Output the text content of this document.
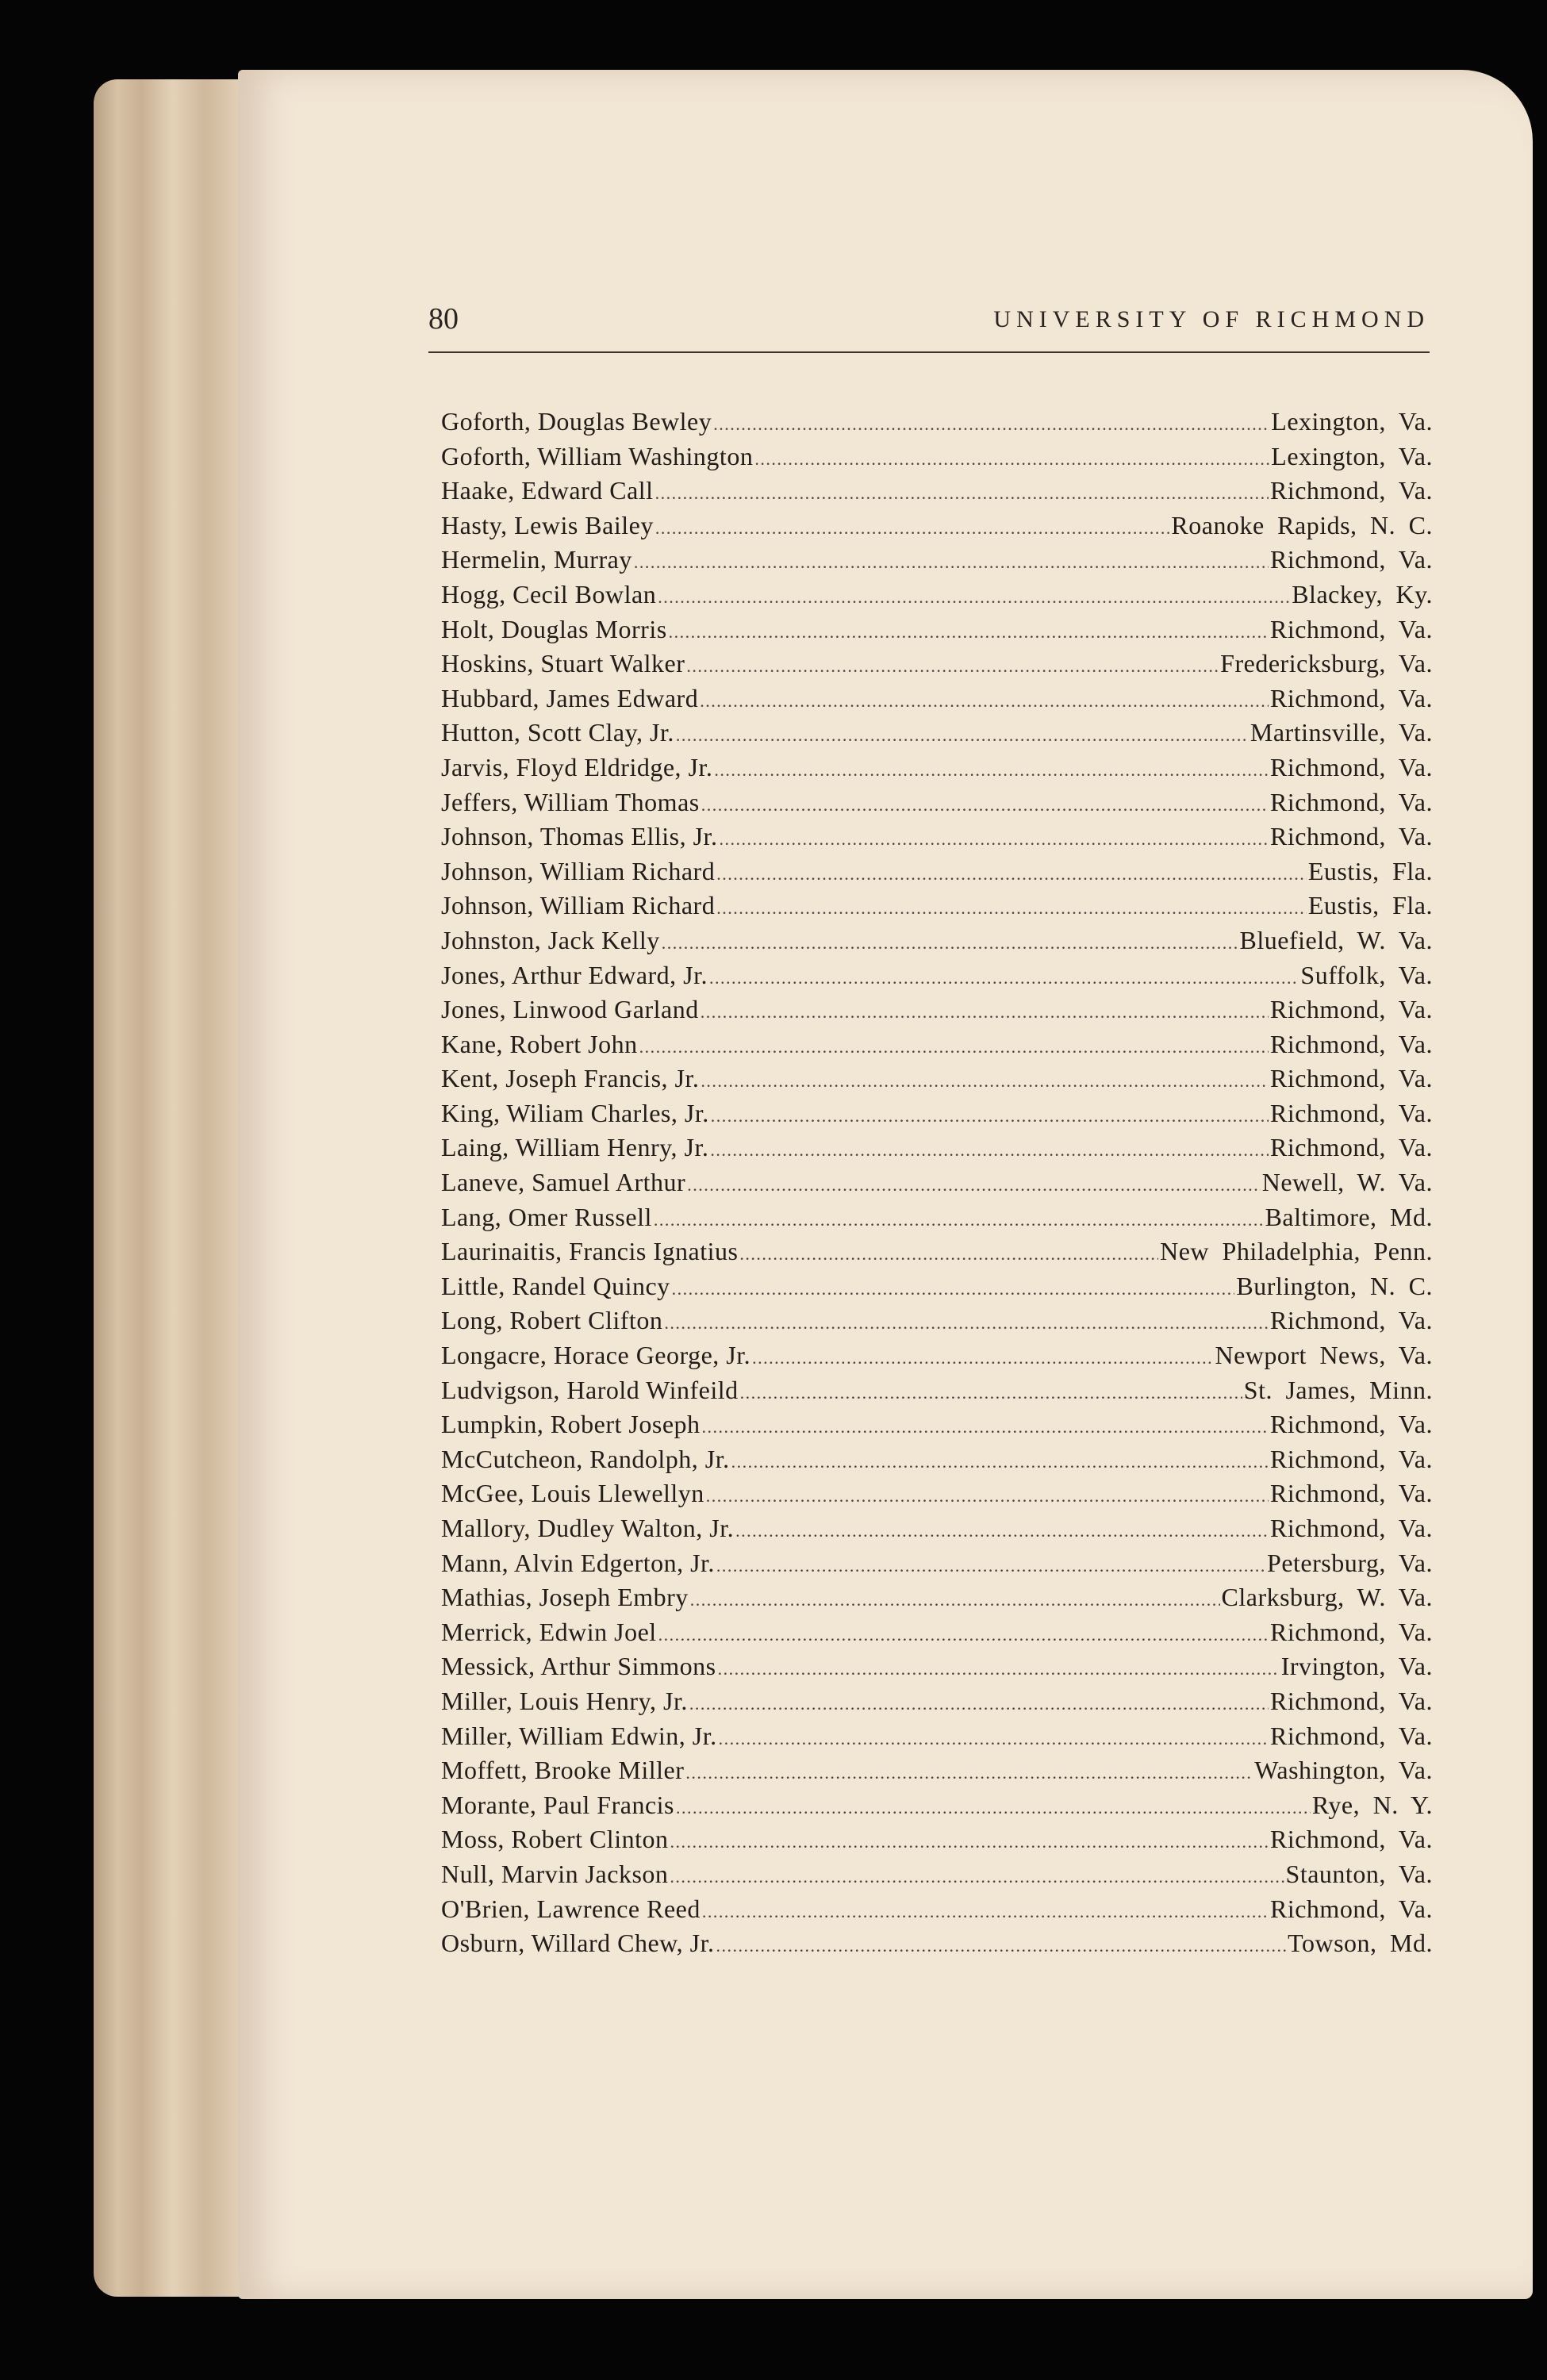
80	UNIVERSITY OF RICHMOND
Goforth, Douglas Bewley .....	Lexington, Va.
Goforth, William Washington .....	Lexington, Va.
Haake, Edward Call .....	Richmond, Va.
Hasty, Lewis Bailey .....	Roanoke Rapids, N. C.
Hermelin, Murray .....	Richmond, Va.
Hogg, Cecil Bowlan .....	Blackey, Ky.
Holt, Douglas Morris .....	Richmond, Va.
Hoskins, Stuart Walker .....	Fredericksburg, Va.
Hubbard, James Edward .....	Richmond, Va.
Hutton, Scott Clay, Jr. .....	Martinsville, Va.
Jarvis, Floyd Eldridge, Jr. .....	Richmond, Va.
Jeffers, William Thomas .....	Richmond, Va.
Johnson, Thomas Ellis, Jr. .....	Richmond, Va.
Johnson, William Richard .....	Eustis, Fla.
Johnson, William Richard .....	Eustis, Fla.
Johnston, Jack Kelly .....	Bluefield, W. Va.
Jones, Arthur Edward, Jr. .....	Suffolk, Va.
Jones, Linwood Garland .....	Richmond, Va.
Kane, Robert John .....	Richmond, Va.
Kent, Joseph Francis, Jr. .....	Richmond, Va.
King, Wiliam Charles, Jr. .....	Richmond, Va.
Laing, William Henry, Jr. .....	Richmond, Va.
Laneve, Samuel Arthur .....	Newell, W. Va.
Lang, Omer Russell .....	Baltimore, Md.
Laurinaitis, Francis Ignatius .....	New Philadelphia, Penn.
Little, Randel Quincy .....	Burlington, N. C.
Long, Robert Clifton .....	Richmond, Va.
Longacre, Horace George, Jr. .....	Newport News, Va.
Ludvigson, Harold Winfeild .....	St. James, Minn.
Lumpkin, Robert Joseph .....	Richmond, Va.
McCutcheon, Randolph, Jr. .....	Richmond, Va.
McGee, Louis Llewellyn .....	Richmond, Va.
Mallory, Dudley Walton, Jr. .....	Richmond, Va.
Mann, Alvin Edgerton, Jr. .....	Petersburg, Va.
Mathias, Joseph Embry .....	Clarksburg, W. Va.
Merrick, Edwin Joel .....	Richmond, Va.
Messick, Arthur Simmons .....	Irvington, Va.
Miller, Louis Henry, Jr. .....	Richmond, Va.
Miller, William Edwin, Jr. .....	Richmond, Va.
Moffett, Brooke Miller .....	Washington, Va.
Morante, Paul Francis .....	Rye, N. Y.
Moss, Robert Clinton .....	Richmond, Va.
Null, Marvin Jackson .....	Staunton, Va.
O'Brien, Lawrence Reed .....	Richmond, Va.
Osburn, Willard Chew, Jr. .....	Towson, Md.
